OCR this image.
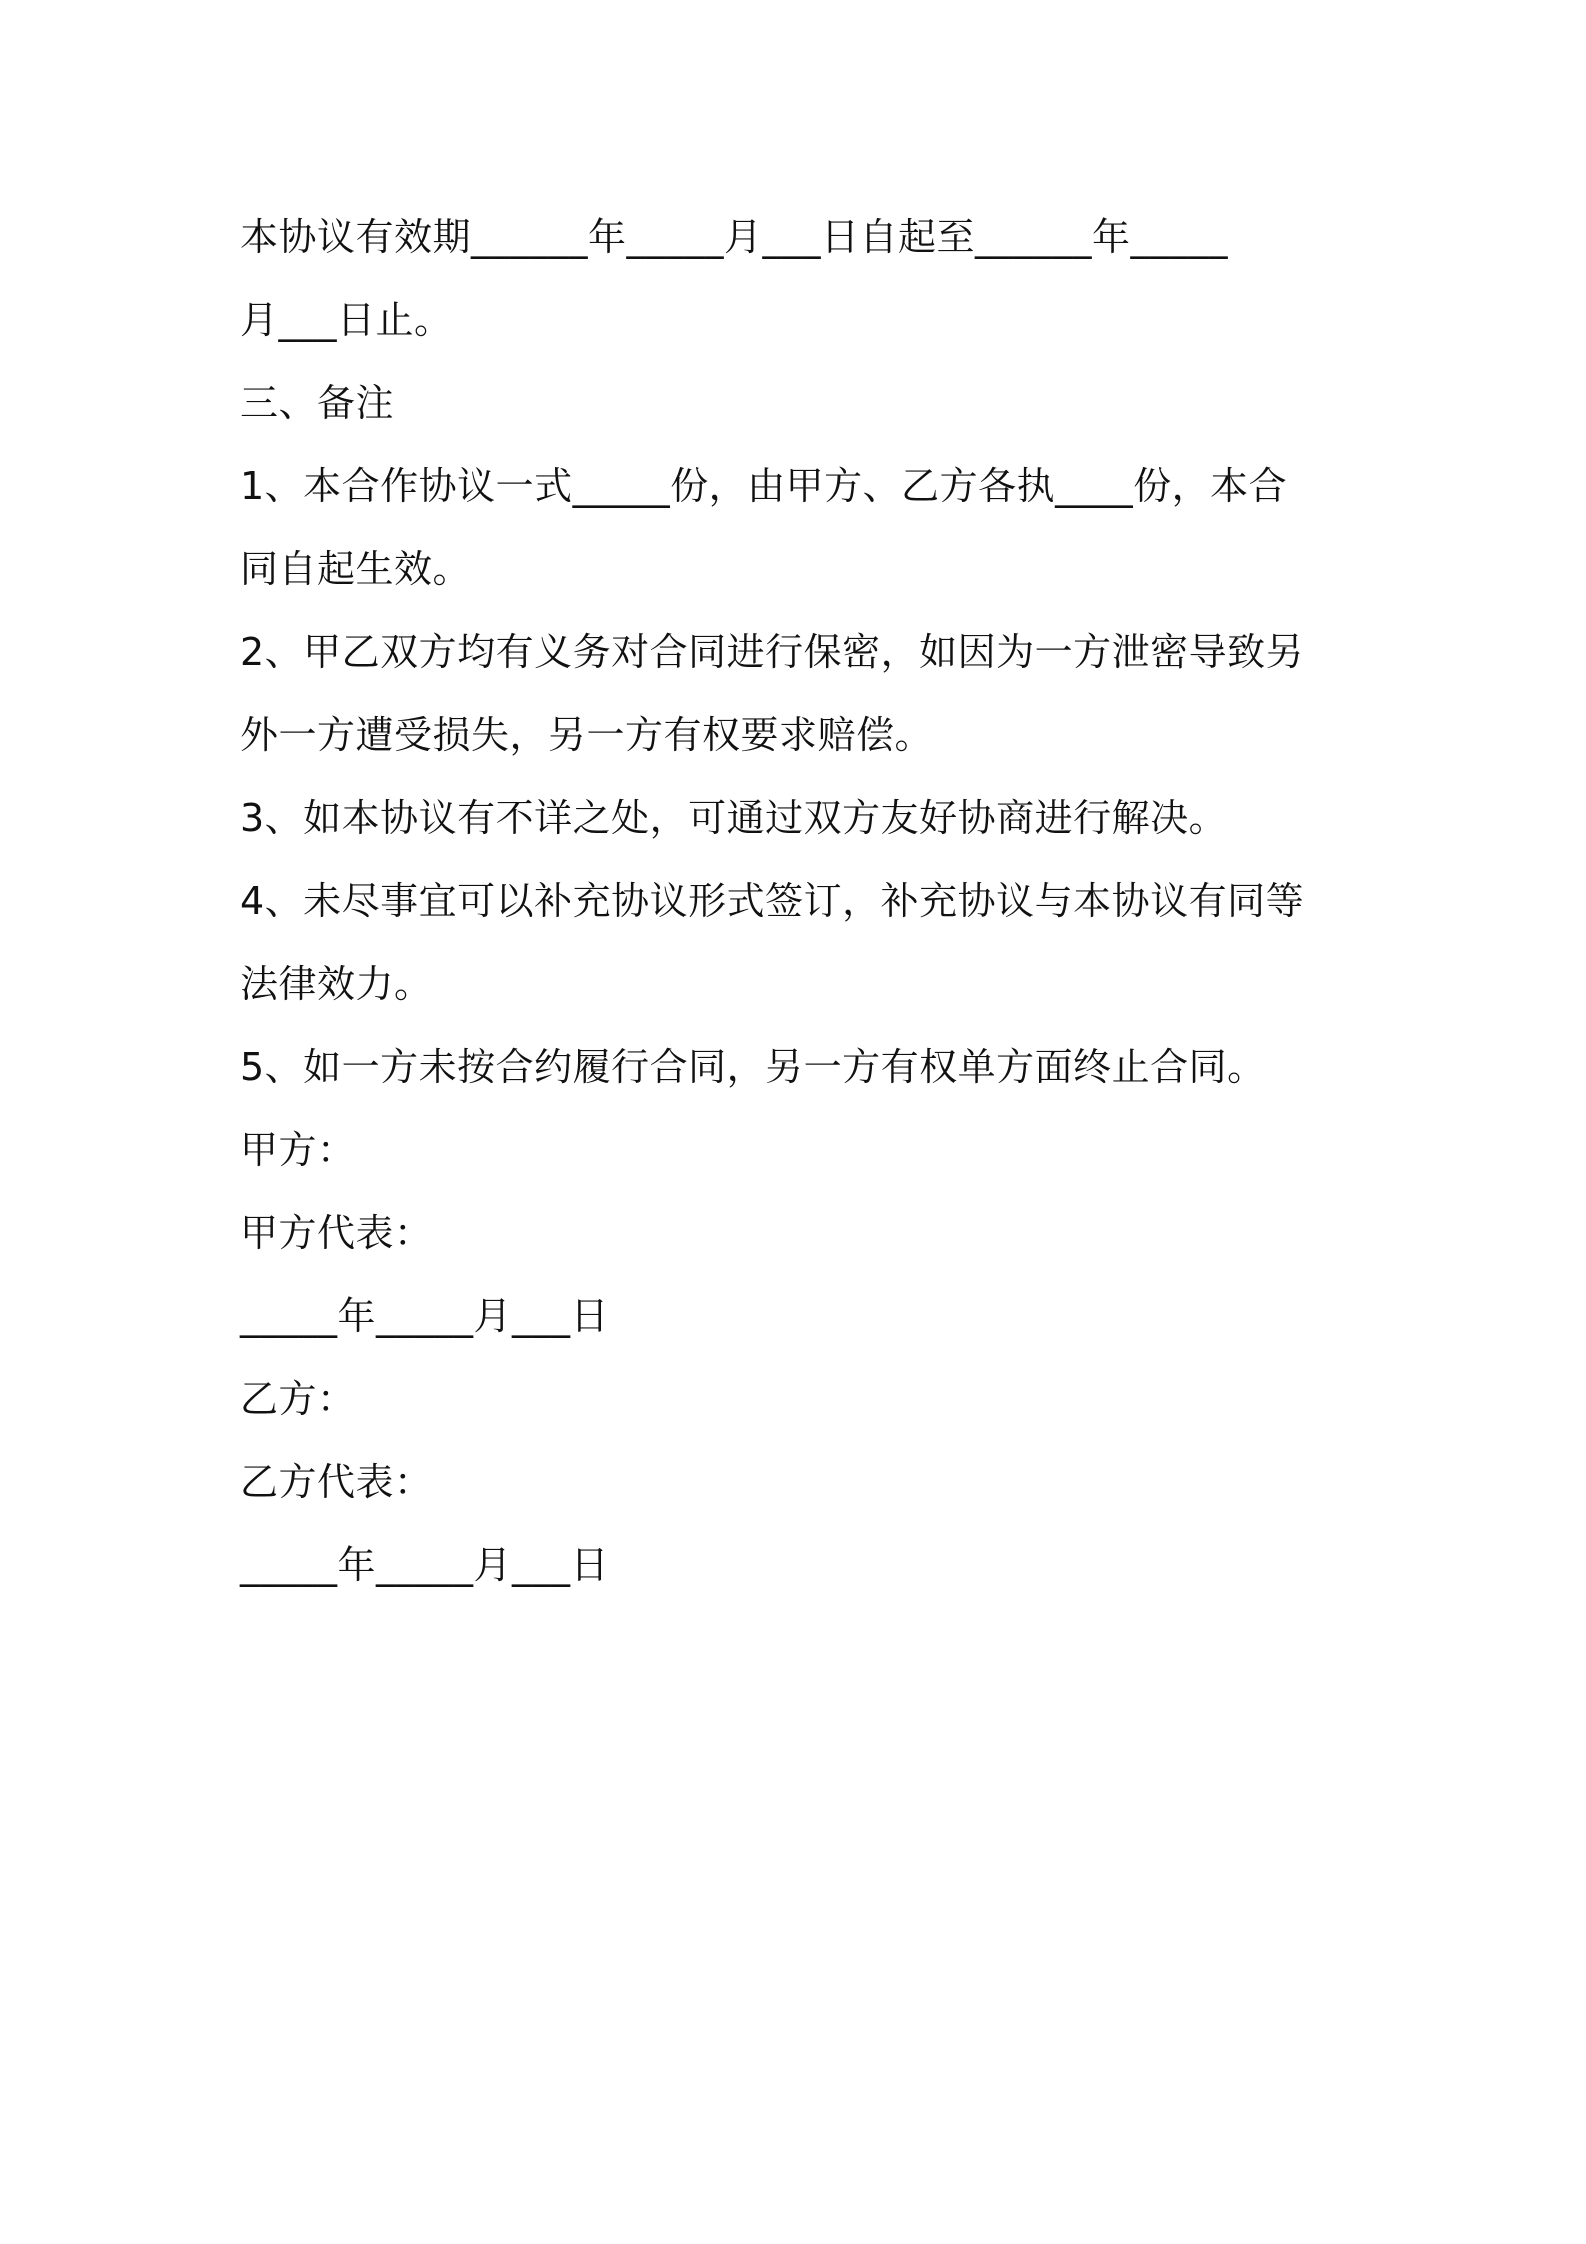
本协议有效期______年_____月___日自起至______年_____
月___日止。
三、备注
1、本合作协议一式_____份，由甲方、乙方各执____份，本合
同自起生效。
2、甲乙双方均有义务对合同进行保密，如因为一方泄密导致另
外一方遭受损失，另一方有权要求赔偿。
3、如本协议有不详之处，可通过双方友好协商进行解决。
4、未尽事宜可以补充协议形式签订，补充协议与本协议有同等
法律效力。
5、如一方未按合约履行合同，另一方有权单方面终止合同。
甲方：
甲方代表：
_____年_____月___日
乙方：
乙方代表：
_____年_____月___日
